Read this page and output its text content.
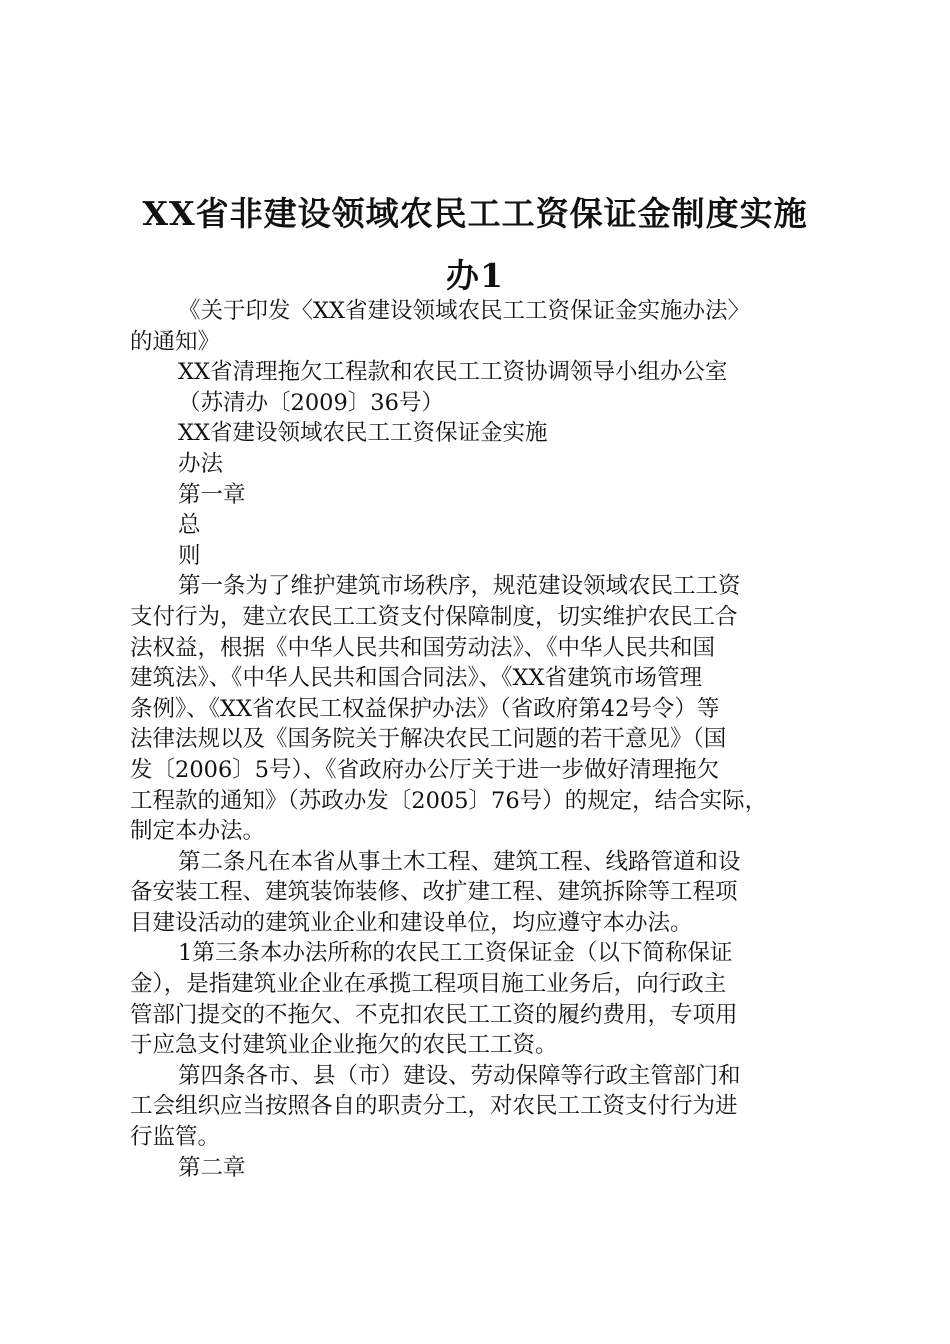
XX省非建设领域农民工工资保证金制度实施
办1

《关于印发〈XX省建设领域农民工工资保证金实施办法〉

的通知》

XX省清理拖欠工程款和农民工工资协调领导小组办公室

（苏清办〔2009〕36号）

XX省建设领域农民工工资保证金实施

办法

第一章

总

则

第一条为了维护建筑市场秩序，规范建设领域农民工工资

支付行为，建立农民工工资支付保障制度，切实维护农民工合

法权益，根据《中华人民共和国劳动法》、《中华人民共和国

建筑法》、《中华人民共和国合同法》、《XX省建筑市场管理

条例》、《XX省农民工权益保护办法》（省政府第42号令）等

法律法规以及《国务院关于解决农民工问题的若干意见》（国

发〔2006〕5号）、《省政府办公厅关于进一步做好清理拖欠

工程款的通知》（苏政办发〔2005〕76号）的规定，结合实际，

制定本办法。

第二条凡在本省从事土木工程、建筑工程、线路管道和设

备安装工程、建筑装饰装修、改扩建工程、建筑拆除等工程项

目建设活动的建筑业企业和建设单位，均应遵守本办法。

1第三条本办法所称的农民工工资保证金（以下简称保证

金），是指建筑业企业在承揽工程项目施工业务后，向行政主

管部门提交的不拖欠、不克扣农民工工资的履约费用，专项用

于应急支付建筑业企业拖欠的农民工工资。

第四条各市、县（市）建设、劳动保障等行政主管部门和

工会组织应当按照各自的职责分工，对农民工工资支付行为进

行监管。

第二章
